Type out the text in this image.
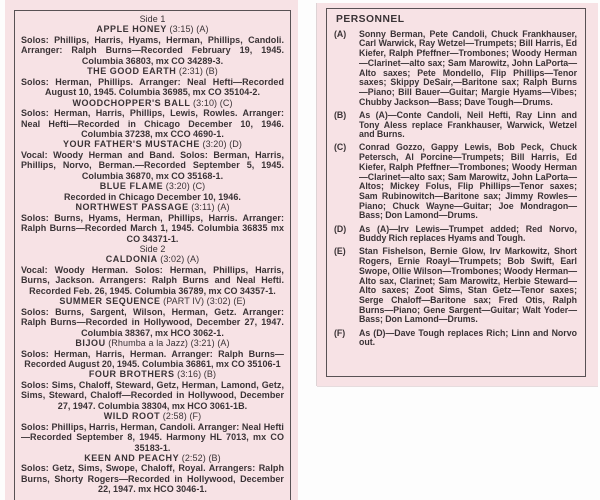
Side 1
APPLE HONEY (3:15) (A)
Solos: Phillips, Harris, Hyams, Herman, Phillips, Candoli. Arranger: Ralph Burns—Recorded February 19, 1945. Columbia 36803, mx CO 34289-3.
THE GOOD EARTH (2:31) (B)
Solos: Herman, Phillips. Arranger: Neal Hefti—Recorded August 10, 1945. Columbia 36985, mx CO 35104-2.
WOODCHOPPER'S BALL (3:10) (C)
Solos: Herman, Harris, Phillips, Lewis, Rowles. Arranger: Neal Hefti—Recorded in Chicago December 10, 1946. Columbia 37238, mx CCO 4690-1.
YOUR FATHER'S MUSTACHE (3:20) (D)
Vocal: Woody Herman and Band. Solos: Berman, Harris, Phillips, Norvo, Berman.—Recorded September 5, 1945. Columbia 36870, mx CO 35168-1.
BLUE FLAME (3:20) (C)
Recorded in Chicago December 10, 1946.
NORTHWEST PASSAGE (3:11) (A)
Solos: Burns, Hyams, Herman, Phillips, Harris. Arranger: Ralph Burns—Recorded March 1, 1945. Columbia 36835 mx CO 34371-1.
Side 2
CALDONIA (3:02) (A)
Vocal: Woody Herman. Solos: Herman, Phillips, Harris, Burns, Jackson. Arrangers: Ralph Burns and Neal Hefti. Recorded Feb. 26, 1945. Columbia 36789, mx CO 34357-1.
SUMMER SEQUENCE (PART IV) (3:02) (E)
Solos: Burns, Sargent, Wilson, Herman, Getz. Arranger: Ralph Burns—Recorded in Hollywood, December 27, 1947. Columbia 38367, mx HCO 3062-1.
BIJOU (Rhumba a la Jazz) (3:21) (A)
Solos: Herman, Harris, Herman. Arranger: Ralph Burns—Recorded August 20, 1945. Columbia 36861, mx CO 35106-1
FOUR BROTHERS (3:16) (B)
Solos: Sims, Chaloff, Steward, Getz, Herman, Lamond, Getz, Sims, Steward, Chaloff—Recorded in Hollywood, December 27, 1947. Columbia 38304, mx HCO 3061-1B.
WILD ROOT (2:58) (F)
Solos: Phillips, Harris, Herman, Candoli. Arranger: Neal Hefti—Recorded September 8, 1945. Harmony HL 7013, mx CO 35183-1.
KEEN AND PEACHY (2:52) (B)
Solos: Getz, Sims, Swope, Chaloff, Royal. Arrangers: Ralph Burns, Shorty Rogers—Recorded in Hollywood, December 22, 1947. mx HCO 3046-1.
PERSONNEL
(A)	Sonny Berman, Pete Candoli, Chuck Frankhauser, Carl Warwick, Ray Wetzel—Trumpets; Bill Harris, Ed Kiefer, Ralph Pfeffner—Trombones; Woody Herman—Clarinet—alto sax; Sam Marowitz, John LaPorta—Alto saxes; Pete Mondello, Flip Phillips—Tenor saxes; Skippy DeSair,—Baritone sax; Ralph Burns—Piano; Bill Bauer—Guitar; Margie Hyams—Vibes; Chubby Jackson—Bass; Dave Tough—Drums.
(B)	As (A)—Conte Candoli, Neil Hefti, Ray Linn and Tony Aless replace Frankhauser, Warwick, Wetzel and Burns.
(C)	Conrad Gozzo, Gappy Lewis, Bob Peck, Chuck Petersch, Al Porcine—Trumpets; Bill Harris, Ed Kiefer, Ralph Pfeffner—Trombones; Woody Herman—Clarinet—alto sax; Sam Marowitz, John LaPorta—Altos; Mickey Folus, Flip Phillips—Tenor saxes; Sam Rubinowitch—Baritone sax; Jimmy Rowles—Piano; Chuck Wayne—Guitar; Joe Mondragon—Bass; Don Lamond—Drums.
(D)	As (A)—Irv Lewis—Trumpet added; Red Norvo, Buddy Rich replaces Hyams and Tough.
(E)	Stan Fishelson, Bernie Glow, Irv Markowitz, Short Rogers, Ernie Roayl—Trumpets; Bob Swift, Earl Swope, Ollie Wilson—Trombones; Woody Herman—Alto sax, Clarinet; Sam Marowitz, Herbie Steward—Alto saxes; Zoot Sims, Stan Getz—Tenor saxes; Serge Chaloff—Baritone sax; Fred Otis, Ralph Burns—Piano; Gene Sargent—Guitar; Walt Yoder—Bass; Don Lamond—Drums.
(F)	As (D)—Dave Tough replaces Rich; Linn and Norvo out.
